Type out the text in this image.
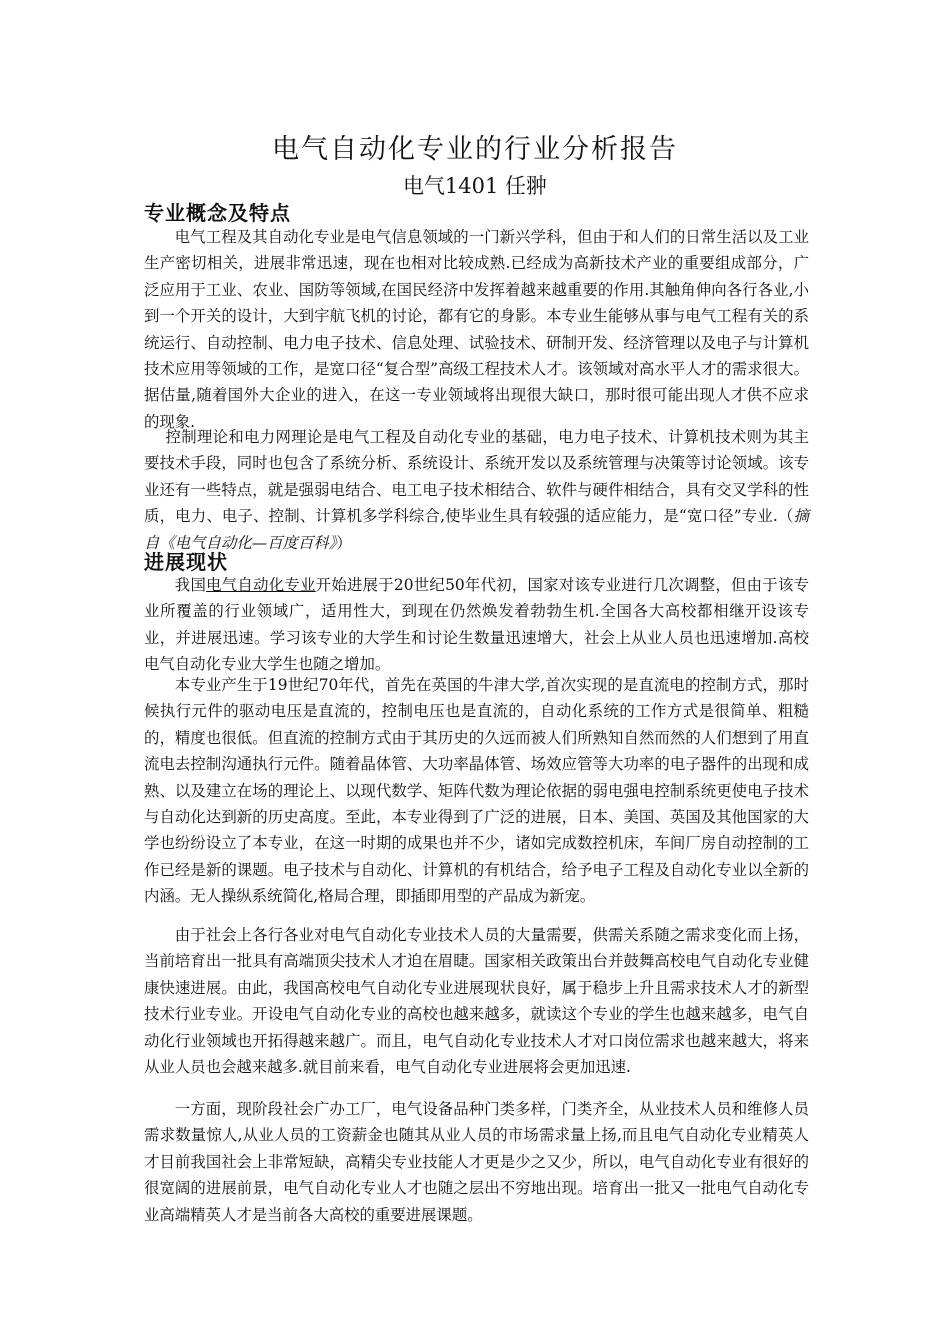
电气自动化专业的行业分析报告
电气1401 任翀
专业概念及特点

电气工程及其自动化专业是电气信息领域的一门新兴学科，但由于和人们的日常生活以及工业生产密切相关，进展非常迅速，现在也相对比较成熟.已经成为高新技术产业的重要组成部分，广泛应用于工业、农业、国防等领域,在国民经济中发挥着越来越重要的作用.其触角伸向各行各业,小到一个开关的设计，大到宇航飞机的讨论，都有它的身影。本专业生能够从事与电气工程有关的系统运行、自动控制、电力电子技术、信息处理、试验技术、研制开发、经济管理以及电子与计算机技术应用等领域的工作，是宽口径“复合型”高级工程技术人才。该领域对高水平人才的需求很大。据估量,随着国外大企业的进入，在这一专业领域将出现很大缺口，那时很可能出现人才供不应求的现象.

控制理论和电力网理论是电气工程及自动化专业的基础，电力电子技术、计算机技术则为其主要技术手段，同时也包含了系统分析、系统设计、系统开发以及系统管理与决策等讨论领域。该专业还有一些特点，就是强弱电结合、电工电子技术相结合、软件与硬件相结合，具有交叉学科的性质，电力、电子、控制、计算机多学科综合,使毕业生具有较强的适应能力，是“宽口径”专业.（摘自《电气自动化—百度百科》）

进展现状

我国电气自动化专业开始进展于20世纪50年代初，国家对该专业进行几次调整，但由于该专业所覆盖的行业领域广，适用性大，到现在仍然焕发着勃勃生机.全国各大高校都相继开设该专业，并进展迅速。学习该专业的大学生和讨论生数量迅速增大，社会上从业人员也迅速增加.高校电气自动化专业大学生也随之增加。

本专业产生于19世纪70年代，首先在英国的牛津大学,首次实现的是直流电的控制方式，那时候执行元件的驱动电压是直流的，控制电压也是直流的，自动化系统的工作方式是很简单、粗糙的，精度也很低。但直流的控制方式由于其历史的久远而被人们所熟知自然而然的人们想到了用直流电去控制沟通执行元件。随着晶体管、大功率晶体管、场效应管等大功率的电子器件的出现和成熟、以及建立在场的理论上、以现代数学、矩阵代数为理论依据的弱电强电控制系统更使电子技术与自动化达到新的历史高度。至此，本专业得到了广泛的进展，日本、美国、英国及其他国家的大学也纷纷设立了本专业，在这一时期的成果也并不少，诸如完成数控机床，车间厂房自动控制的工作已经是新的课题。电子技术与自动化、计算机的有机结合，给予电子工程及自动化专业以全新的内涵。无人操纵系统简化,格局合理，即插即用型的产品成为新宠。

由于社会上各行各业对电气自动化专业技术人员的大量需要，供需关系随之需求变化而上扬，当前培育出一批具有高端顶尖技术人才迫在眉睫。国家相关政策出台并鼓舞高校电气自动化专业健康快速进展。由此，我国高校电气自动化专业进展现状良好，属于稳步上升且需求技术人才的新型技术行业专业。开设电气自动化专业的高校也越来越多，就读这个专业的学生也越来越多，电气自动化行业领域也开拓得越来越广。而且，电气自动化专业技术人才对口岗位需求也越来越大，将来从业人员也会越来越多.就目前来看，电气自动化专业进展将会更加迅速.

一方面，现阶段社会广办工厂，电气设备品种门类多样，门类齐全，从业技术人员和维修人员需求数量惊人,从业人员的工资薪金也随其从业人员的市场需求量上扬,而且电气自动化专业精英人才目前我国社会上非常短缺，高精尖专业技能人才更是少之又少，所以，电气自动化专业有很好的很宽阔的进展前景，电气自动化专业人才也随之层出不穷地出现。培育出一批又一批电气自动化专业高端精英人才是当前各大高校的重要进展课题。
